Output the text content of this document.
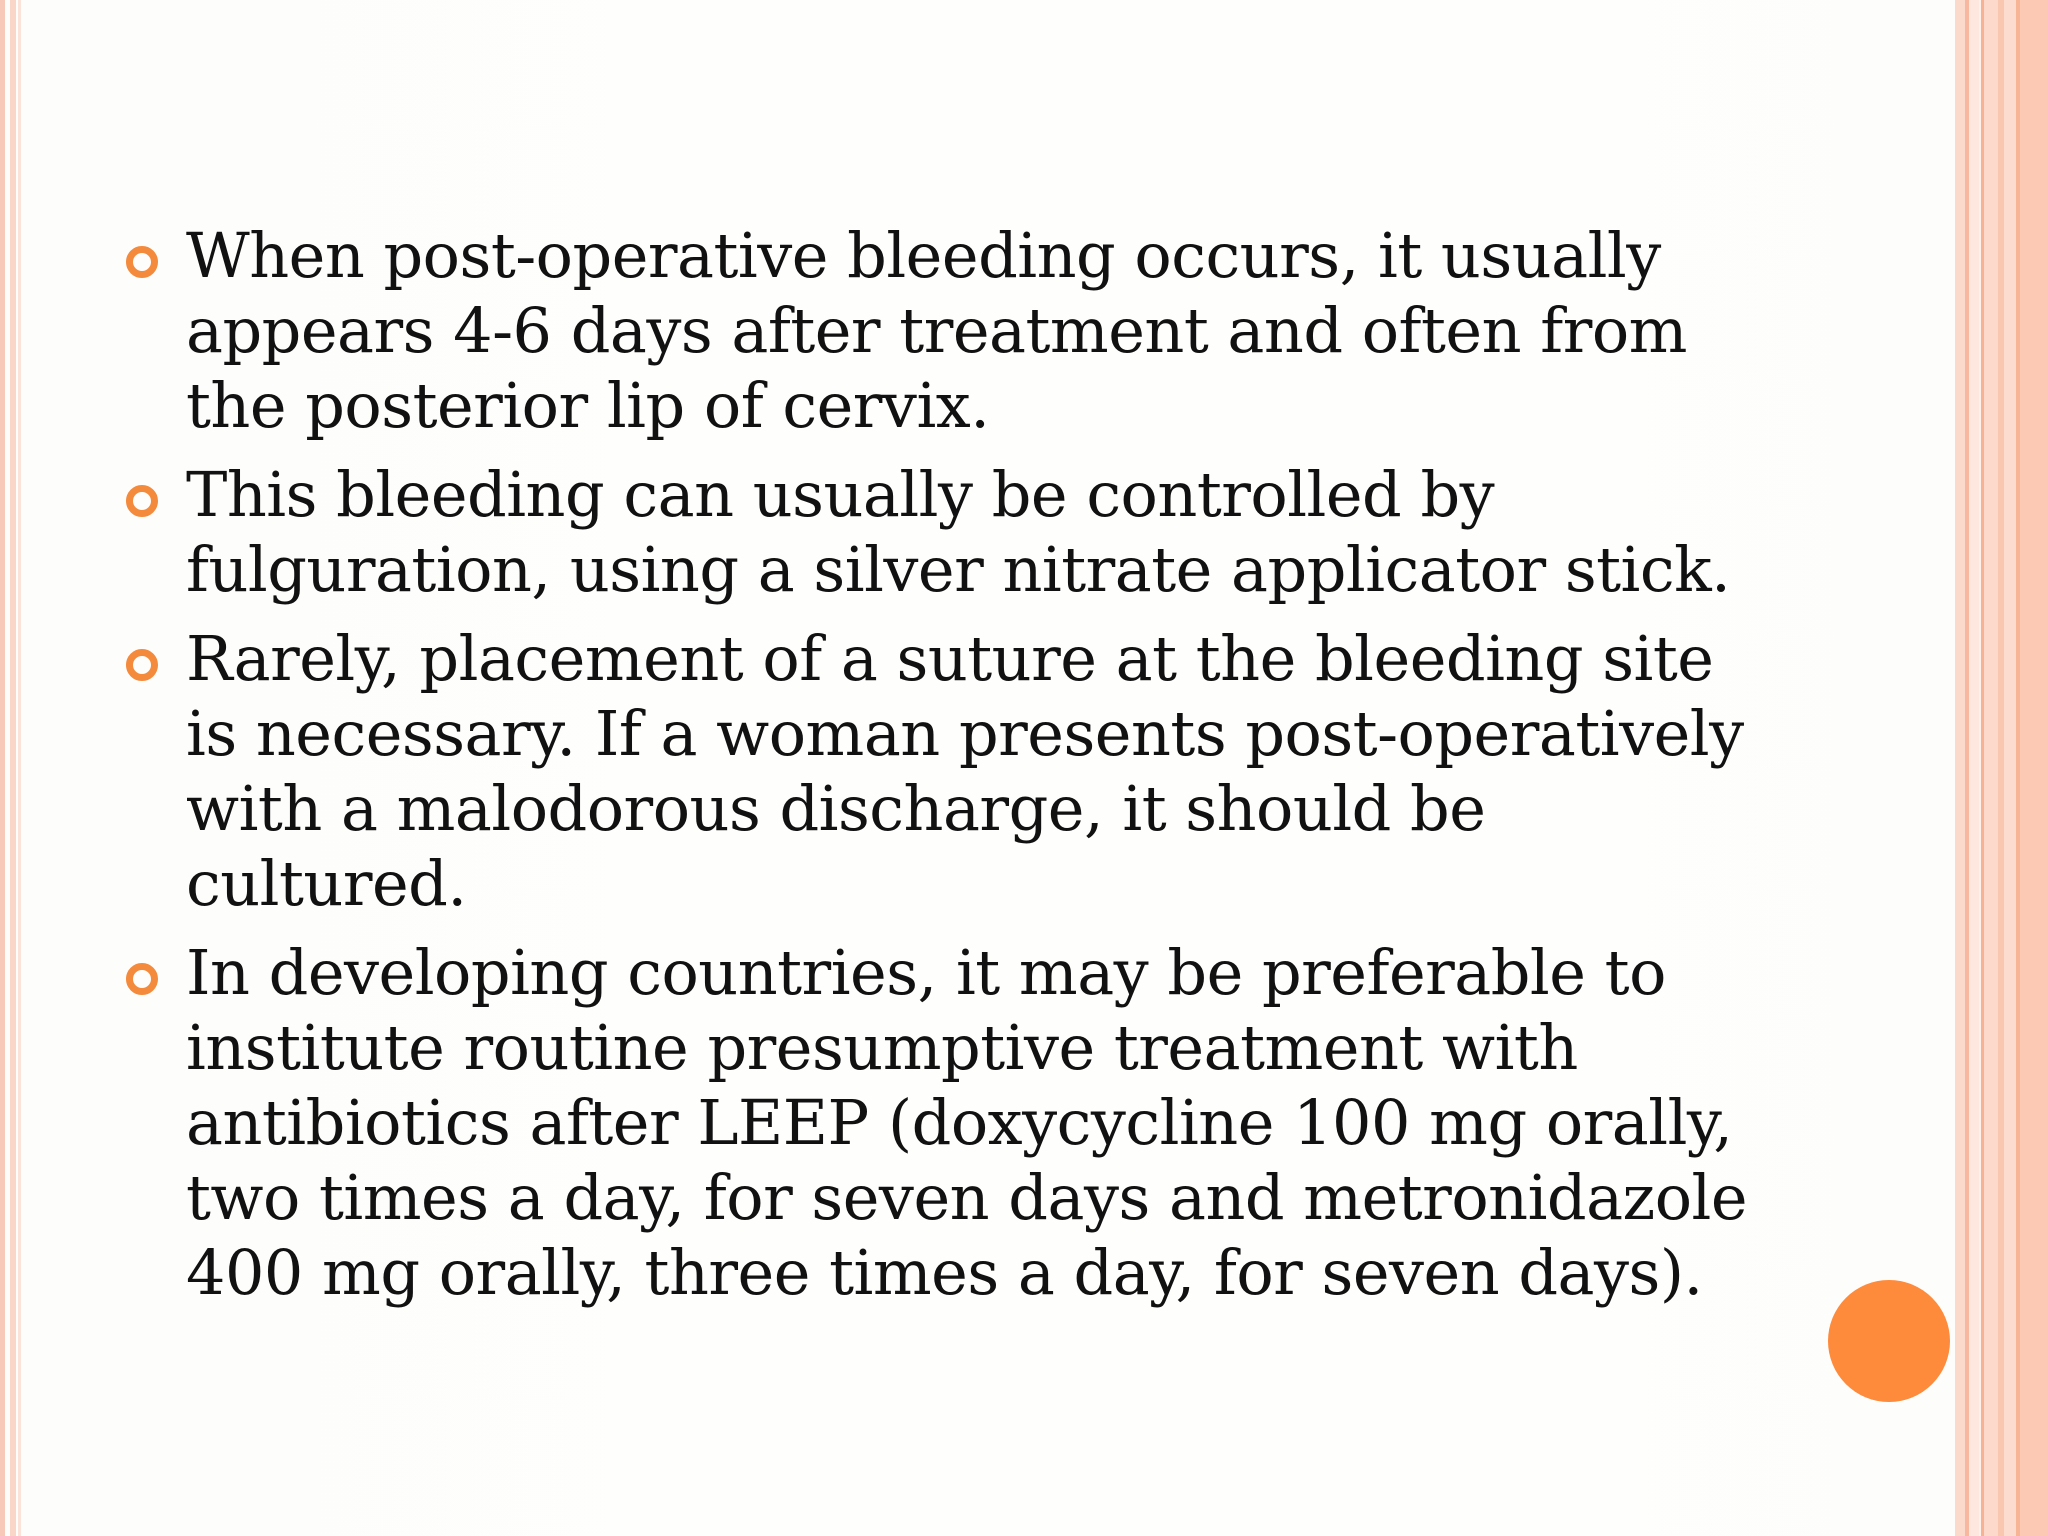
When post-operative bleeding occurs, it usually appears 4-6 days after treatment and often from the posterior lip of cervix.
This bleeding can usually be controlled by fulguration, using a silver nitrate applicator stick.
Rarely, placement of a suture at the bleeding site is necessary. If a woman presents post-operatively with a malodorous discharge, it should be cultured.
In developing countries, it may be preferable to institute routine presumptive treatment with antibiotics after LEEP (doxycycline 100 mg orally, two times a day, for seven days and metronidazole 400 mg orally, three times a day, for seven days).
